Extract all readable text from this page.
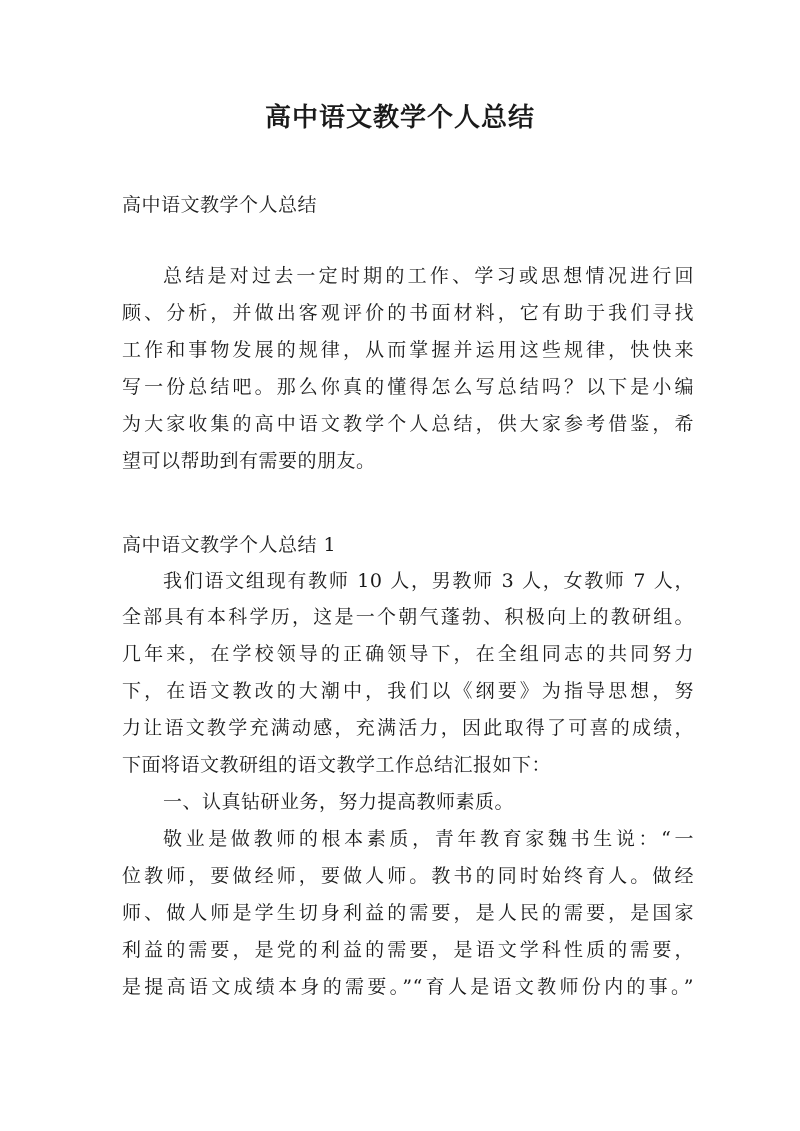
高中语文教学个人总结
高中语文教学个人总结
总结是对过去一定时期的工作、学习或思想情况进行回
顾、分析，并做出客观评价的书面材料，它有助于我们寻找
工作和事物发展的规律，从而掌握并运用这些规律，快快来
写一份总结吧。那么你真的懂得怎么写总结吗？以下是小编
为大家收集的高中语文教学个人总结，供大家参考借鉴，希
望可以帮助到有需要的朋友。
高中语文教学个人总结 1
我们语文组现有教师 10 人，男教师 3 人，女教师 7 人，
全部具有本科学历，这是一个朝气蓬勃、积极向上的教研组。
几年来，在学校领导的正确领导下，在全组同志的共同努力
下，在语文教改的大潮中，我们以《纲要》为指导思想，努
力让语文教学充满动感，充满活力，因此取得了可喜的成绩，
下面将语文教研组的语文教学工作总结汇报如下：
一、认真钻研业务，努力提高教师素质。
敬业是做教师的根本素质，青年教育家魏书生说：“一
位教师，要做经师，要做人师。教书的同时始终育人。做经
师、做人师是学生切身利益的需要，是人民的需要，是国家
利益的需要，是党的利益的需要，是语文学科性质的需要，
是提高语文成绩本身的需要。”“育人是语文教师份内的事。”
